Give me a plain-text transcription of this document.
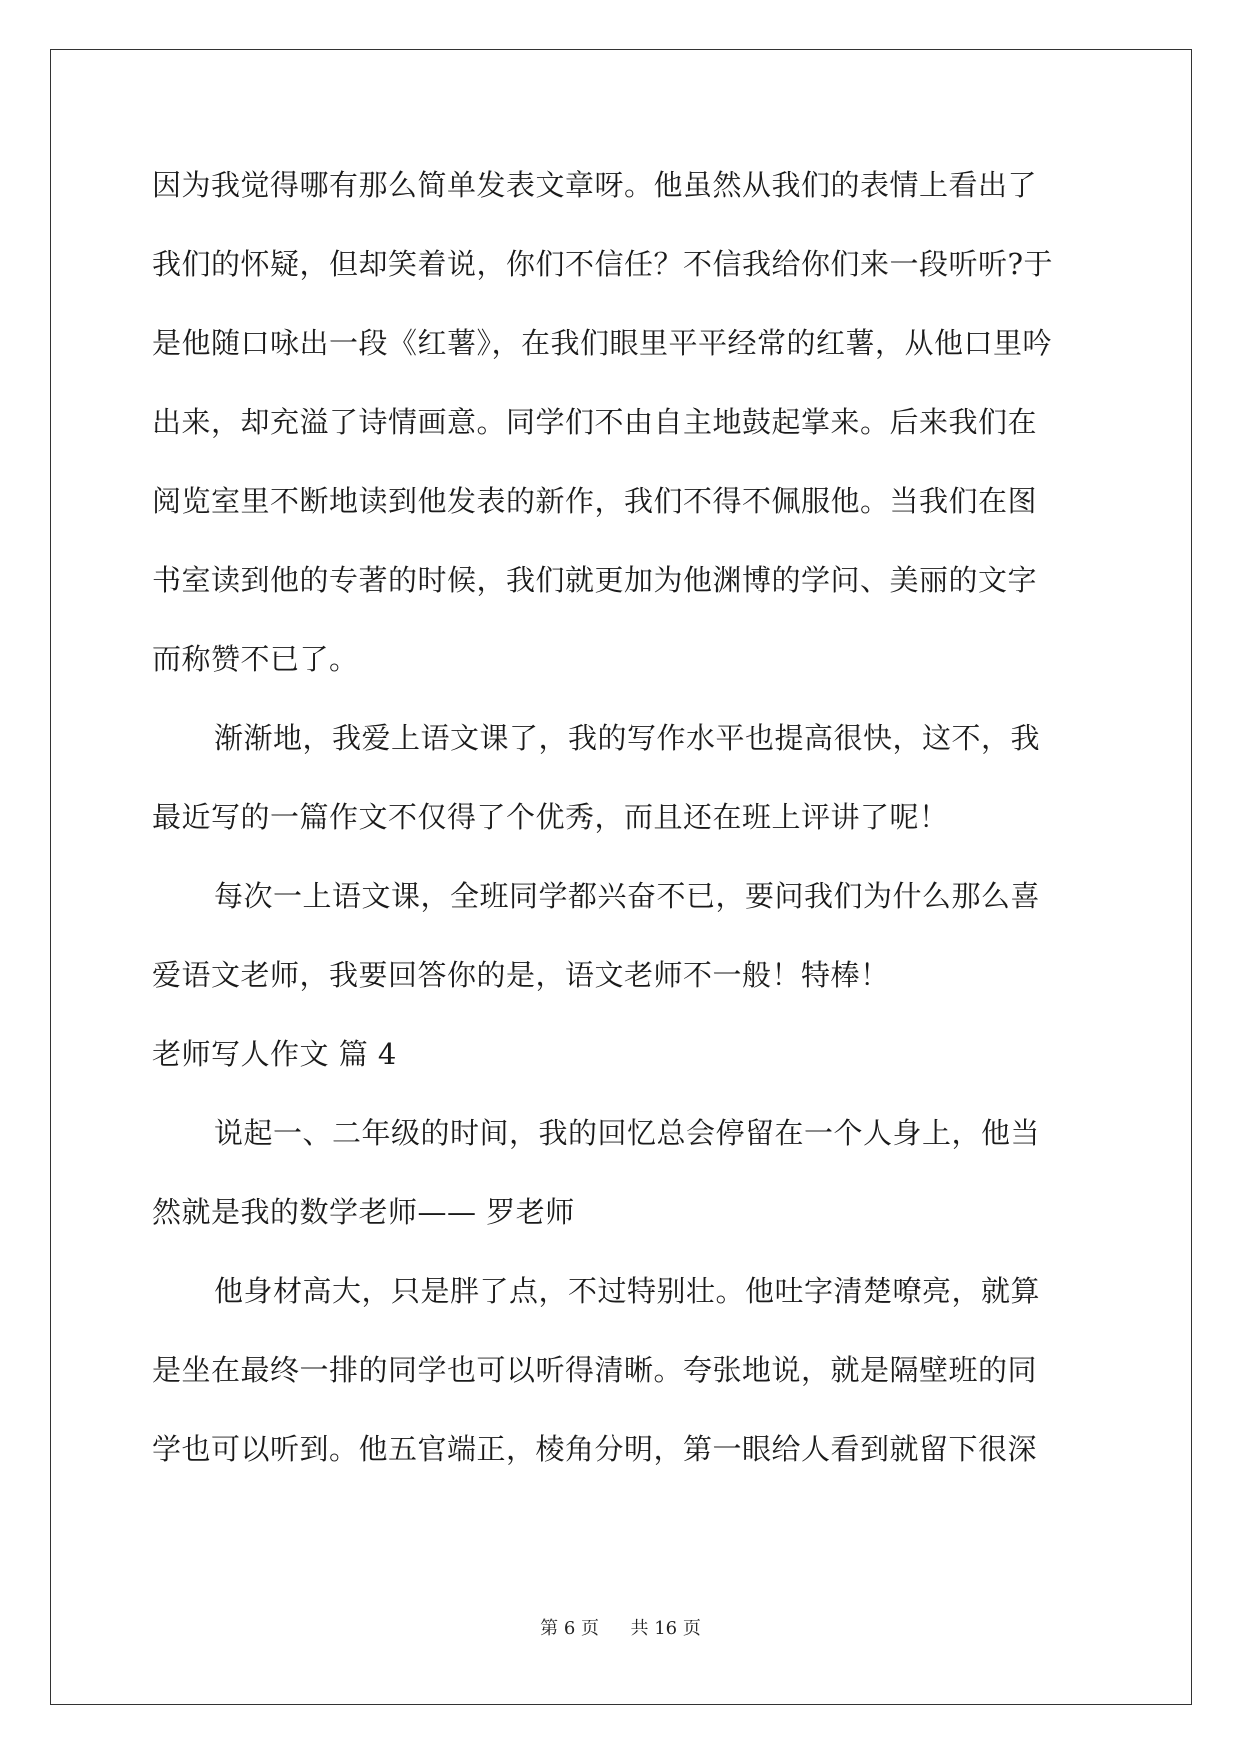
因为我觉得哪有那么简单发表文章呀。他虽然从我们的表情上看出了
我们的怀疑，但却笑着说，你们不信任？不信我给你们来一段听听?于
是他随口咏出一段《红薯》，在我们眼里平平经常的红薯，从他口里吟
出来，却充溢了诗情画意。同学们不由自主地鼓起掌来。后来我们在
阅览室里不断地读到他发表的新作，我们不得不佩服他。当我们在图
书室读到他的专著的时候，我们就更加为他渊博的学问、美丽的文字
而称赞不已了。
渐渐地，我爱上语文课了，我的写作水平也提高很快，这不，我
最近写的一篇作文不仅得了个优秀，而且还在班上评讲了呢！
每次一上语文课，全班同学都兴奋不已，要问我们为什么那么喜
爱语文老师，我要回答你的是，语文老师不一般！特棒！
老师写人作文 篇 4
说起一、二年级的时间，我的回忆总会停留在一个人身上，他当
然就是我的数学老师—— 罗老师
他身材高大，只是胖了点，不过特别壮。他吐字清楚嘹亮，就算
是坐在最终一排的同学也可以听得清晰。夸张地说，就是隔壁班的同
学也可以听到。他五官端正，棱角分明，第一眼给人看到就留下很深
第 6 页 共 16 页
